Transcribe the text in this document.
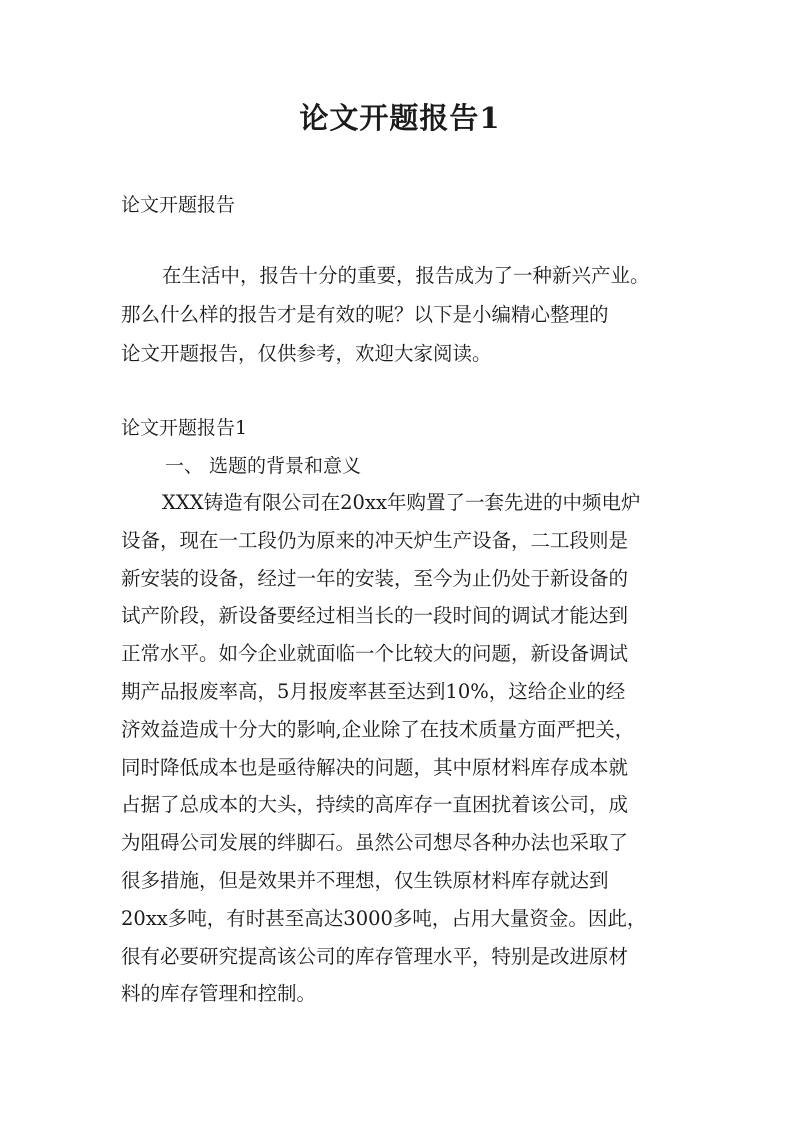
论文开题报告1
论文开题报告
在生活中，报告十分的重要，报告成为了一种新兴产业。
那么什么样的报告才是有效的呢？以下是小编精心整理的
论文开题报告，仅供参考，欢迎大家阅读。
论文开题报告1
一、 选题的背景和意义
XXX铸造有限公司在20xx年购置了一套先进的中频电炉
设备，现在一工段仍为原来的冲天炉生产设备，二工段则是
新安装的设备，经过一年的安装，至今为止仍处于新设备的
试产阶段，新设备要经过相当长的一段时间的调试才能达到
正常水平。如今企业就面临一个比较大的问题，新设备调试
期产品报废率高，5月报废率甚至达到10%，这给企业的经
济效益造成十分大的影响,企业除了在技术质量方面严把关，
同时降低成本也是亟待解决的问题，其中原材料库存成本就
占据了总成本的大头，持续的高库存一直困扰着该公司，成
为阻碍公司发展的绊脚石。虽然公司想尽各种办法也采取了
很多措施，但是效果并不理想，仅生铁原材料库存就达到
20xx多吨，有时甚至高达3000多吨，占用大量资金。因此，
很有必要研究提高该公司的库存管理水平，特别是改进原材
料的库存管理和控制。
